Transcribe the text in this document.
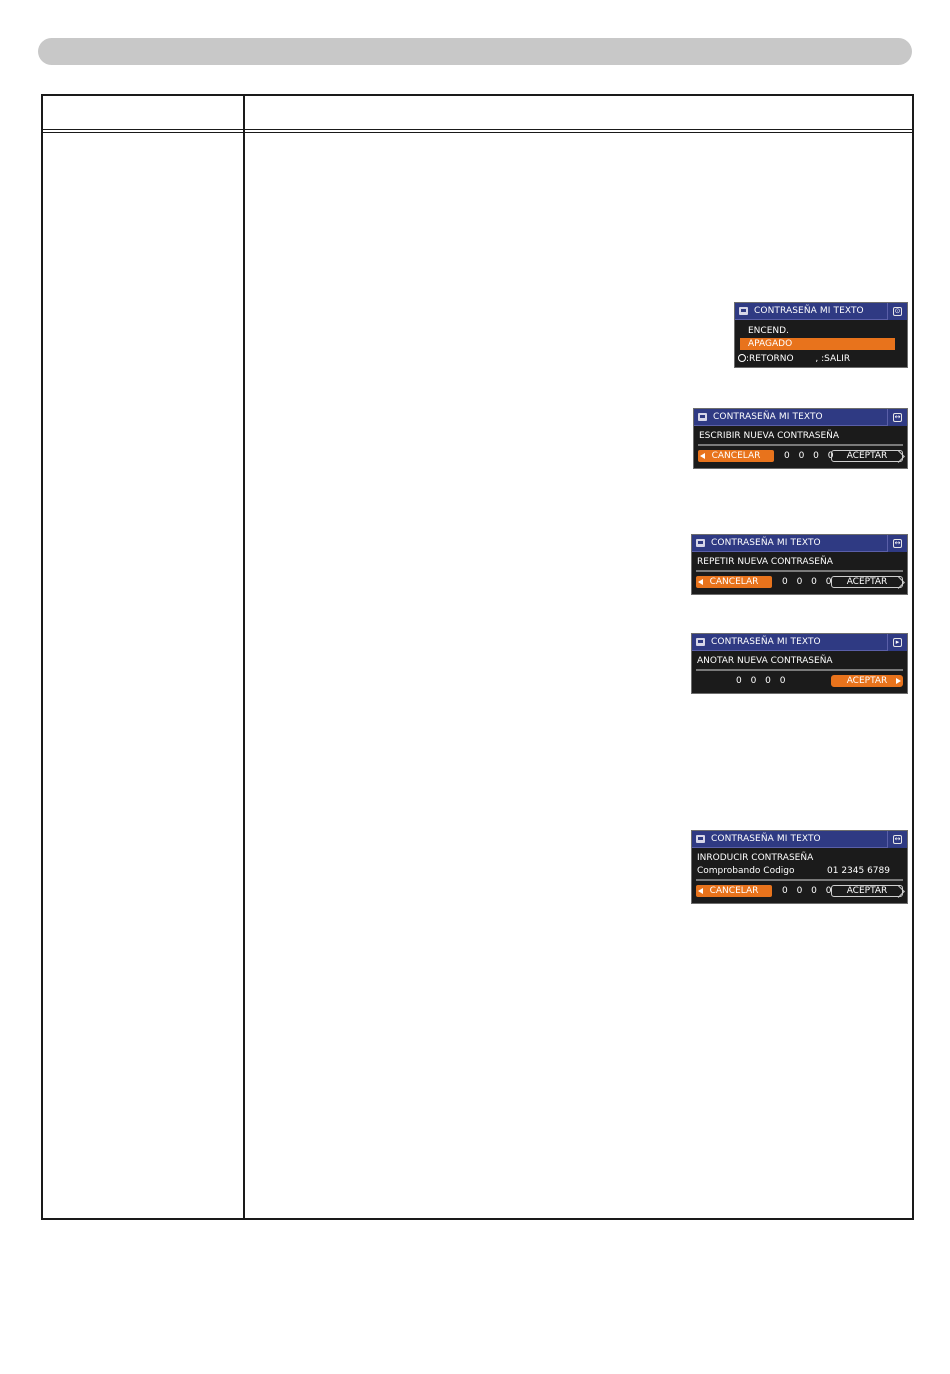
CONTRASEÑA MI TEXTO	⊙
ENCEND.
APAGADO
:RETORNO , :SALIR
CONTRASEÑA MI TEXTO	↔
ESCRIBIR NUEVA CONTRASEÑA
CANCELAR	0 0 0 0	ACEPTAR
CONTRASEÑA MI TEXTO	↔
REPETIR NUEVA CONTRASEÑA
CANCELAR	0 0 0 0	ACEPTAR
CONTRASEÑA MI TEXTO	▸
ANOTAR NUEVA CONTRASEÑA
0 0 0 0	ACEPTAR
CONTRASEÑA MI TEXTO	↔
INRODUCIR CONTRASEÑA
Comprobando Codigo	01 2345 6789
CANCELAR	0 0 0 0	ACEPTAR
